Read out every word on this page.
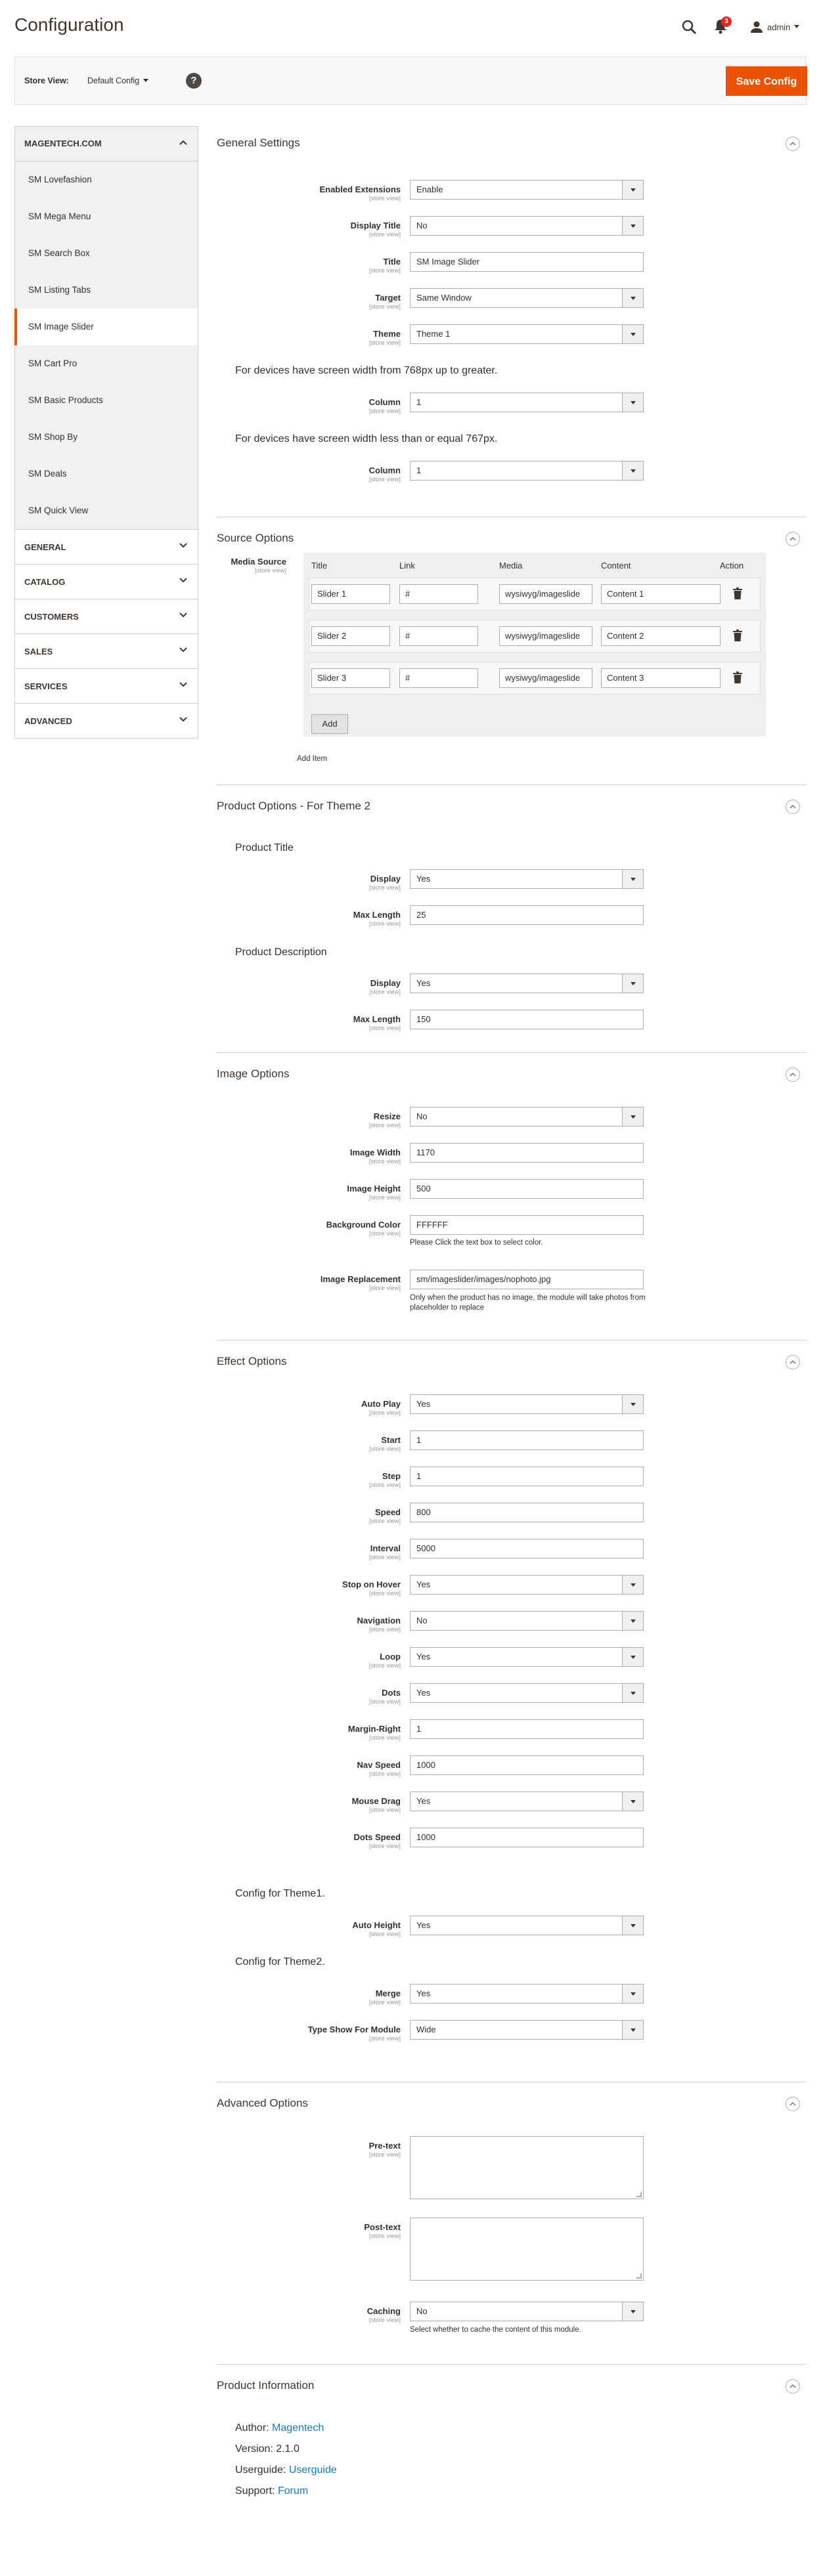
Configuration	3
admin
Store View: Default Config	?	Save Config
MAGENTECH.COM
SM Lovefashion
SM Mega Menu
SM Search Box
SM Listing Tabs
SM Image Slider
SM Cart Pro
SM Basic Products
SM Shop By
SM Deals
SM Quick View
GENERAL
CATALOG
CUSTOMERS
SALES
SERVICES
ADVANCED
General Settings
Enabled Extensions
[store view]
Enable
Display Title
[store view]
No
Title
[store view]
SM Image Slider
Target
[store view]
Same Window
Theme
[store view]
Theme 1
For devices have screen width from 768px up to greater.
Column
[store view]
1
For devices have screen width less than or equal 767px.
Column
[store view]
1
Source Options
Media Source
[store view]
Title	Link	Media	Content	Action
Slider 1	#	wysiwyg/imageslide	Content 1
Slider 2	#	wysiwyg/imageslide	Content 2
Slider 3	#	wysiwyg/imageslide	Content 3
Add
Add Item
Product Options - For Theme 2
Product Title
Display
[store view]
Yes
Max Length
[store view]
25
Product Description
Display
[store view]
Yes
Max Length
[store view]
150
Image Options
Resize
[store view]
No
Image Width
[store view]
1170
Image Height
[store view]
500
Background Color
[store view]
FFFFFF
Please Click the text box to select color.
Image Replacement
[store view]
sm/imageslider/images/nophoto.jpg
Only when the product has no image, the module will take photos from placeholder to replace
Effect Options
Auto Play
[store view]
Yes
Start
[store view]
1
Step
[store view]
1
Speed
[store view]
800
Interval
[store view]
5000
Stop on Hover
[store view]
Yes
Navigation
[store view]
No
Loop
[store view]
Yes
Dots
[store view]
Yes
Margin-Right
[store view]
1
Nav Speed
[store view]
1000
Mouse Drag
[store view]
Yes
Dots Speed
[store view]
1000
Config for Theme1.
Auto Height
[store view]
Yes
Config for Theme2.
Merge
[store view]
Yes
Type Show For Module
[store view]
Wide
Advanced Options
Pre-text
[store view]
Post-text
[store view]
Caching
[store view]
No
Select whether to cache the content of this module.
Product Information
Author: Magentech
Version: 2.1.0
Userguide: Userguide
Support: Forum
